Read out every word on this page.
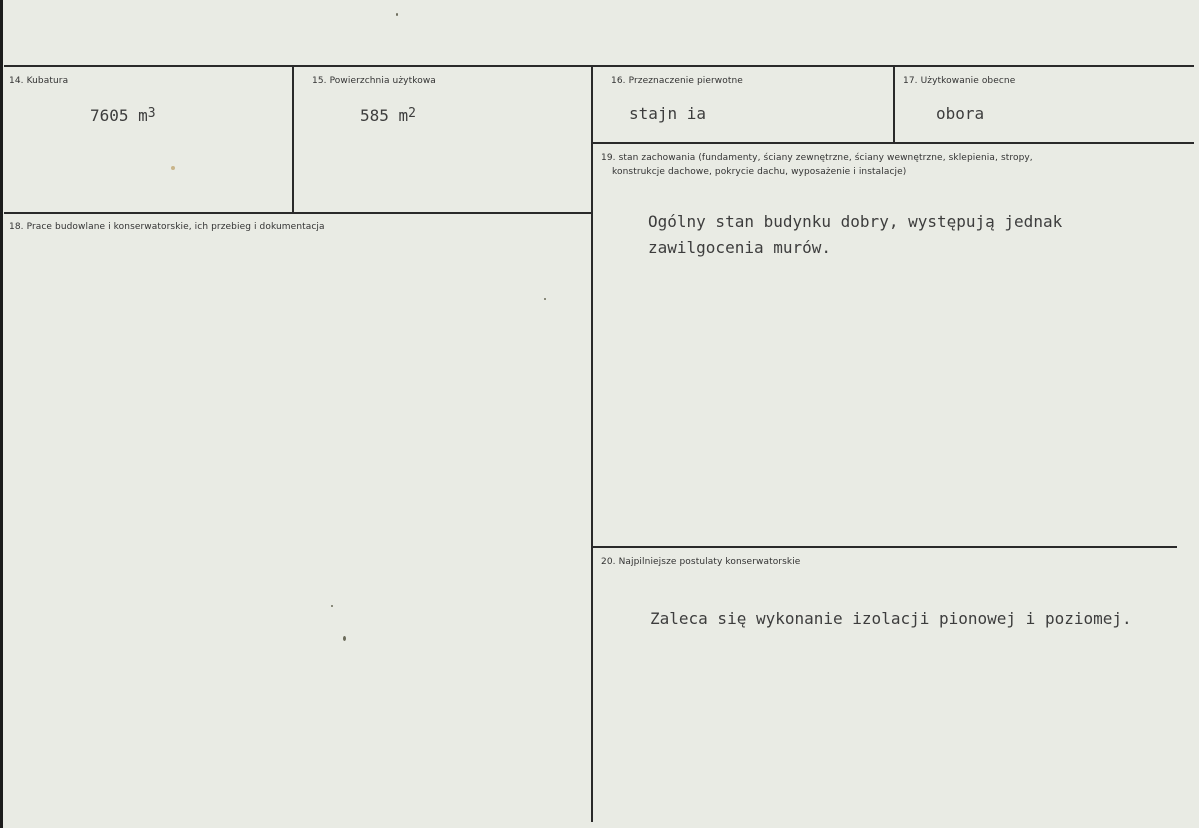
14. Kubatura
7605 $m^3$
15. Powierzchnia użytkowa
585 $m^2$
16. Przeznaczenie pierwotne
stajn ia
17. Użytkowanie obecne
obora
18. Prace budowlane i konserwatorskie, ich przebieg i dokumentacja
19. stan zachowania (fundamenty, ściany zewnętrzne, ściany wewnętrzne, sklepienia, stropy,
konstrukcje dachowe, pokrycie dachu, wyposażenie i instalacje)
Ogólny stan budynku dobry, występują jednak
zawilgocenia murów.
20. Najpilniejsze postulaty konserwatorskie
Zaleca się wykonanie izolacji pionowej i poziomej.
